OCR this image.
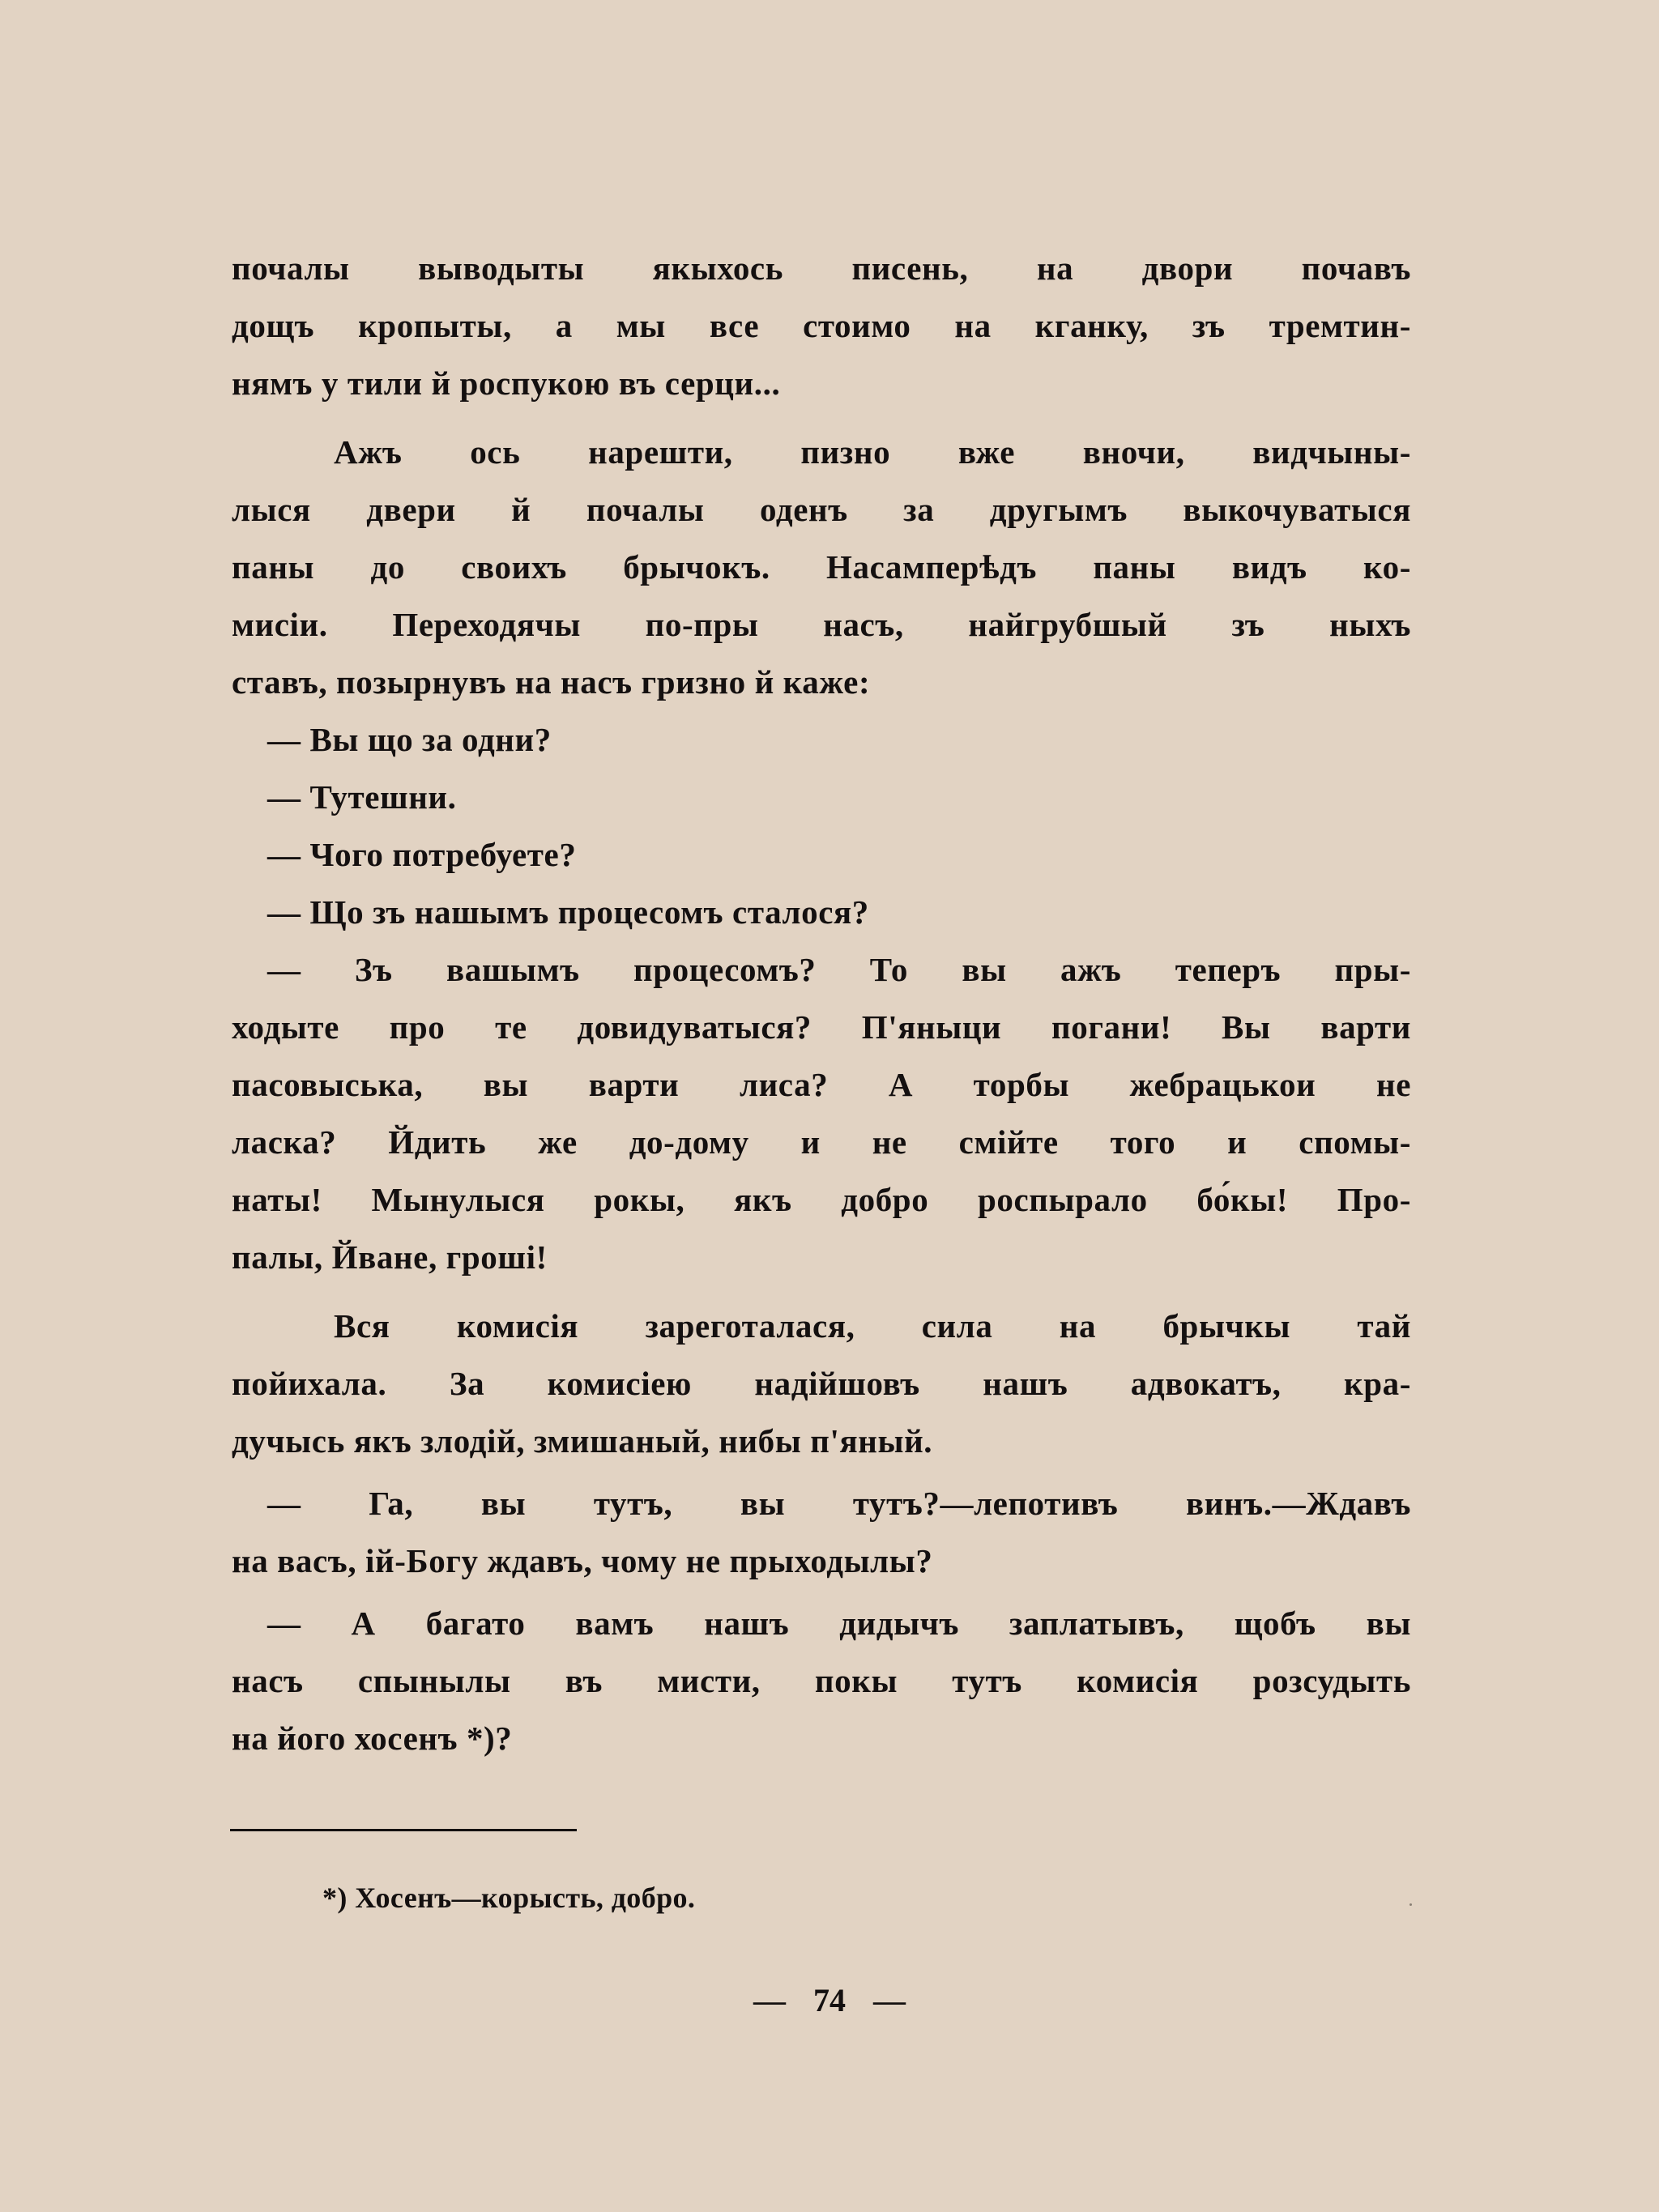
почалы выводыты якыхось писень, на двори почавъ
дощъ кропыты, а мы все стоимо на кганку, зъ тремтин-
нямъ у тили й роспукою въ серци...
Ажъ ось нарешти, пизно вже вночи, видчыны-
лыся двери й почалы оденъ за другымъ выкочуватыся
паны до своихъ брычокъ. Насамперѣдъ паны видъ ко-
мисіи. Переходячы по-пры насъ, найгрубшый зъ ныхъ
ставъ, позырнувъ на насъ гризно й каже:
— Вы що за одни?
— Тутешни.
— Чого потребуете?
— Що зъ нашымъ процесомъ сталося?
— Зъ вашымъ процесомъ? То вы ажъ теперъ пры-
ходыте про те довидуватыся? П'яныци погани! Вы варти
пасовыська, вы варти лиса? А торбы жебрацькои не
ласка? Йдить же до-дому и не смійте того и спомы-
наты! Мынулыся рокы, якъ добро роспырало бо́кы! Про-
палы, Йване, грошi!
Вся комисія зареготалася, сила на брычкы тай
пойихала. За комисіею надійшовъ нашъ адвокатъ, кра-
дучысь якъ злодій, змишаный, нибы п'яный.
— Га, вы тутъ, вы тутъ?—лепотивъ винъ.—Ждавъ
на васъ, ій-Богу ждавъ, чому не прыходылы?
— А багато вамъ нашъ дидычъ заплатывъ, щобъ вы
насъ спынылы въ мисти, покы тутъ комисія розсудыть
на його хосенъ *)?
*) Хосенъ—корысть, добро.
— 74 —
